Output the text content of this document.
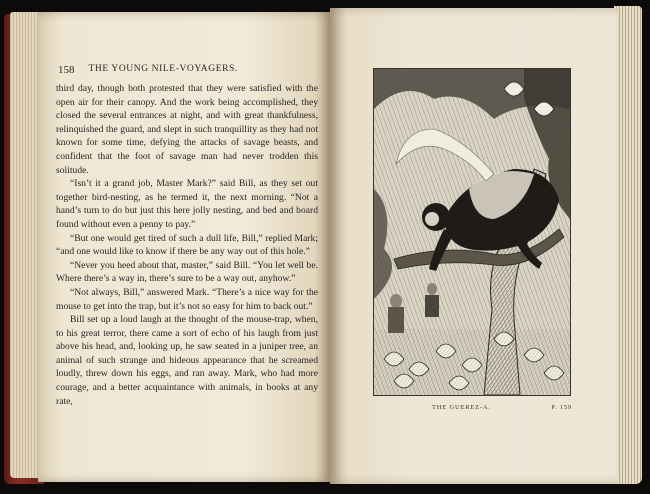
158 THE YOUNG NILE-VOYAGERS.

third day, though both protested that they were satisfied with the open air for their canopy. And the work being accomplished, they closed the several entrances at night, and with great thankfulness, relinquished the guard, and slept in such tranquillity as they had not known for some time, defying the attacks of savage beasts, and confident that the foot of savage man had never trodden this solitude.

“Isn’t it a grand job, Master Mark?” said Bill, as they set out together bird-nesting, as he termed it, the next morning. “Not a hand’s turn to do but just this here jolly nesting, and bed and board found without even a penny to pay.”

“But one would get tired of such a dull life, Bill,” replied Mark; “and one would like to know if there be any way out of this hole.”

“Never you heed about that, master,” said Bill. “You let well be. Where there’s a way in, there’s sure to be a way out, anyhow.”

“Not always, Bill,” answered Mark. “There’s a nice way for the mouse to get into the trap, but it’s not so easy for him to back out.”

Bill set up a loud laugh at the thought of the mouse-trap, when, to his great terror, there came a sort of echo of his laugh from just above his head, and, looking up, he saw seated in a juniper tree, an animal of such strange and hideous appearance that he screamed loudly, threw down his eggs, and ran away. Mark, who had more courage, and a better acquaintance with animals, in books at any rate,

THE GUEREZ-A.	P. 159
